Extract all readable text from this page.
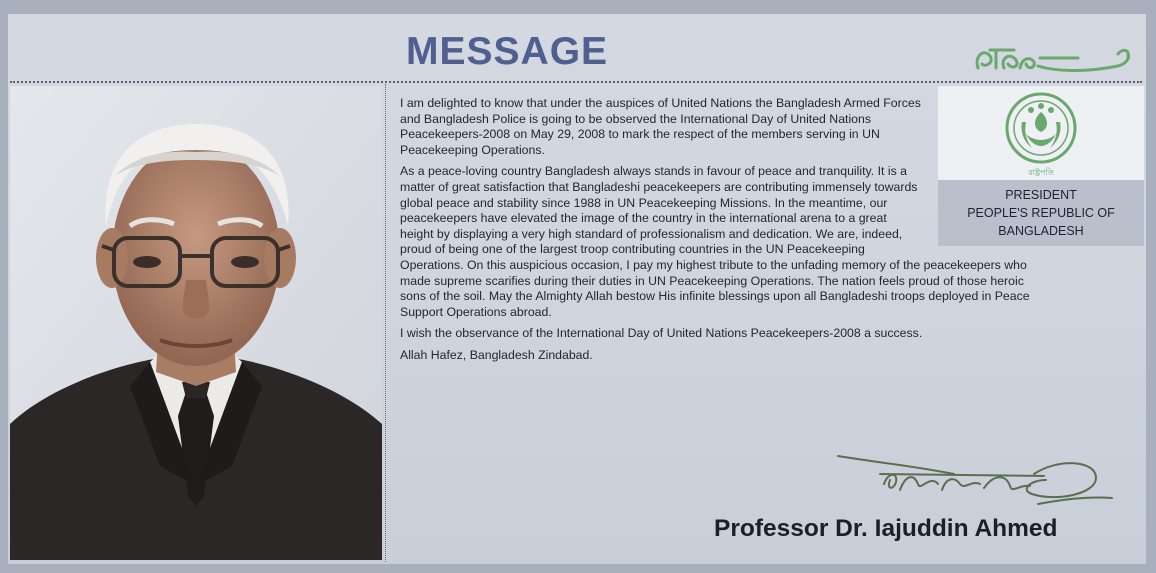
MESSAGE
রাষ্ট্রপতি
PRESIDENT
PEOPLE'S REPUBLIC OF
BANGLADESH

I am delighted to know that under the auspices of United Nations the Bangladesh Armed Forces and Bangladesh Police is going to be observed the International Day of United Nations Peacekeepers-2008 on May 29, 2008 to mark the respect of the members serving in UN Peacekeeping Operations.

As a peace-loving country Bangladesh always stands in favour of peace and tranquility. It is a matter of great satisfaction that Bangladeshi peacekeepers are contributing immensely towards global peace and stability since 1988 in UN Peacekeeping Missions. In the meantime, our peacekeepers have elevated the image of the country in the international arena to a great height by displaying a very high standard of professionalism and dedication. We are, indeed, proud of being one of the largest troop contributing countries in the UN Peacekeeping Operations. On this auspicious occasion, I pay my highest tribute to the unfading memory of the peacekeepers who made supreme scarifies during their duties in UN Peacekeeping Operations. The nation feels proud of those heroic sons of the soil. May the Almighty Allah bestow His infinite blessings upon all Bangladeshi troops deployed in Peace Support Operations abroad.

I wish the observance of the International Day of United Nations Peacekeepers-2008 a success.

Allah Hafez, Bangladesh Zindabad.

Professor Dr. Iajuddin Ahmed
